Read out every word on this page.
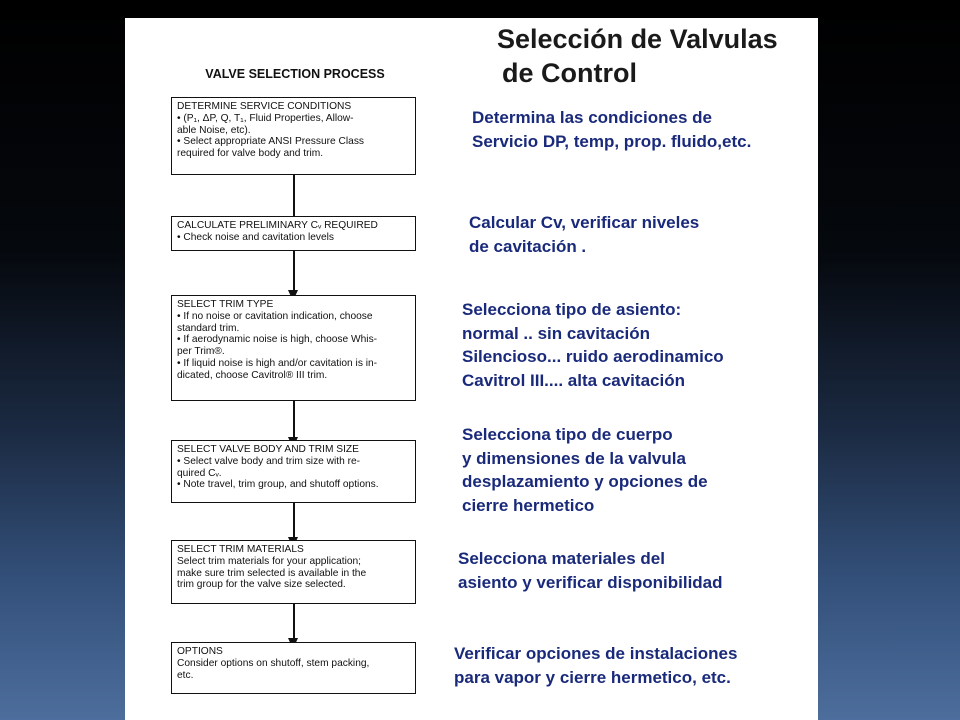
Selección de Valvulas
de Control
VALVE SELECTION PROCESS
DETERMINE SERVICE CONDITIONS
• (P₁, ΔP, Q, T₁, Fluid Properties, Allow-
able Noise, etc).
• Select appropriate ANSI Pressure Class
required for valve body and trim.
Determina las condiciones de
Servicio DP, temp, prop. fluido,etc.
CALCULATE PRELIMINARY Cᵥ REQUIRED
• Check noise and cavitation levels
Calcular Cv, verificar niveles
de cavitación .
SELECT TRIM TYPE
• If no noise or cavitation indication, choose
standard trim.
• If aerodynamic noise is high, choose Whis-
per Trim®.
• If liquid noise is high and/or cavitation is in-
dicated, choose Cavitrol® III trim.
Selecciona tipo de asiento:
normal .. sin cavitación
Silencioso... ruido aerodinamico
Cavitrol III.... alta cavitación
SELECT VALVE BODY AND TRIM SIZE
• Select valve body and trim size with re-
quired Cᵥ.
• Note travel, trim group, and shutoff options.
Selecciona tipo de cuerpo
y dimensiones de la valvula
desplazamiento y opciones de
cierre hermetico
SELECT TRIM MATERIALS
Select trim materials for your application;
make sure trim selected is available in the
trim group for the valve size selected.
Selecciona materiales del
asiento y verificar disponibilidad
OPTIONS
Consider options on shutoff, stem packing,
etc.
Verificar opciones de instalaciones
para vapor y cierre hermetico, etc.
